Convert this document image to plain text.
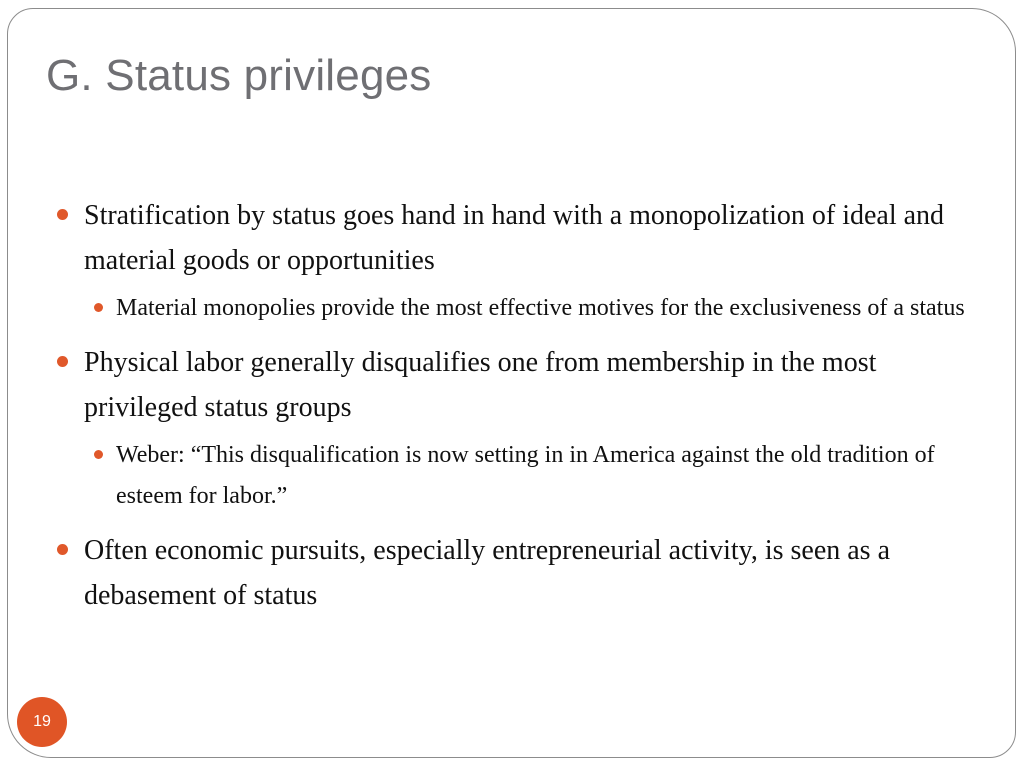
G. Status privileges
Stratification by status goes hand in hand with a monopolization of ideal and material goods or opportunities
Material monopolies provide the most effective motives for the exclusiveness of a status
Physical labor generally disqualifies one from membership in the most privileged status groups
Weber: “This disqualification is now setting in in America against the old tradition of esteem for labor.”
Often economic pursuits, especially entrepreneurial activity, is seen as a debasement of status
19
